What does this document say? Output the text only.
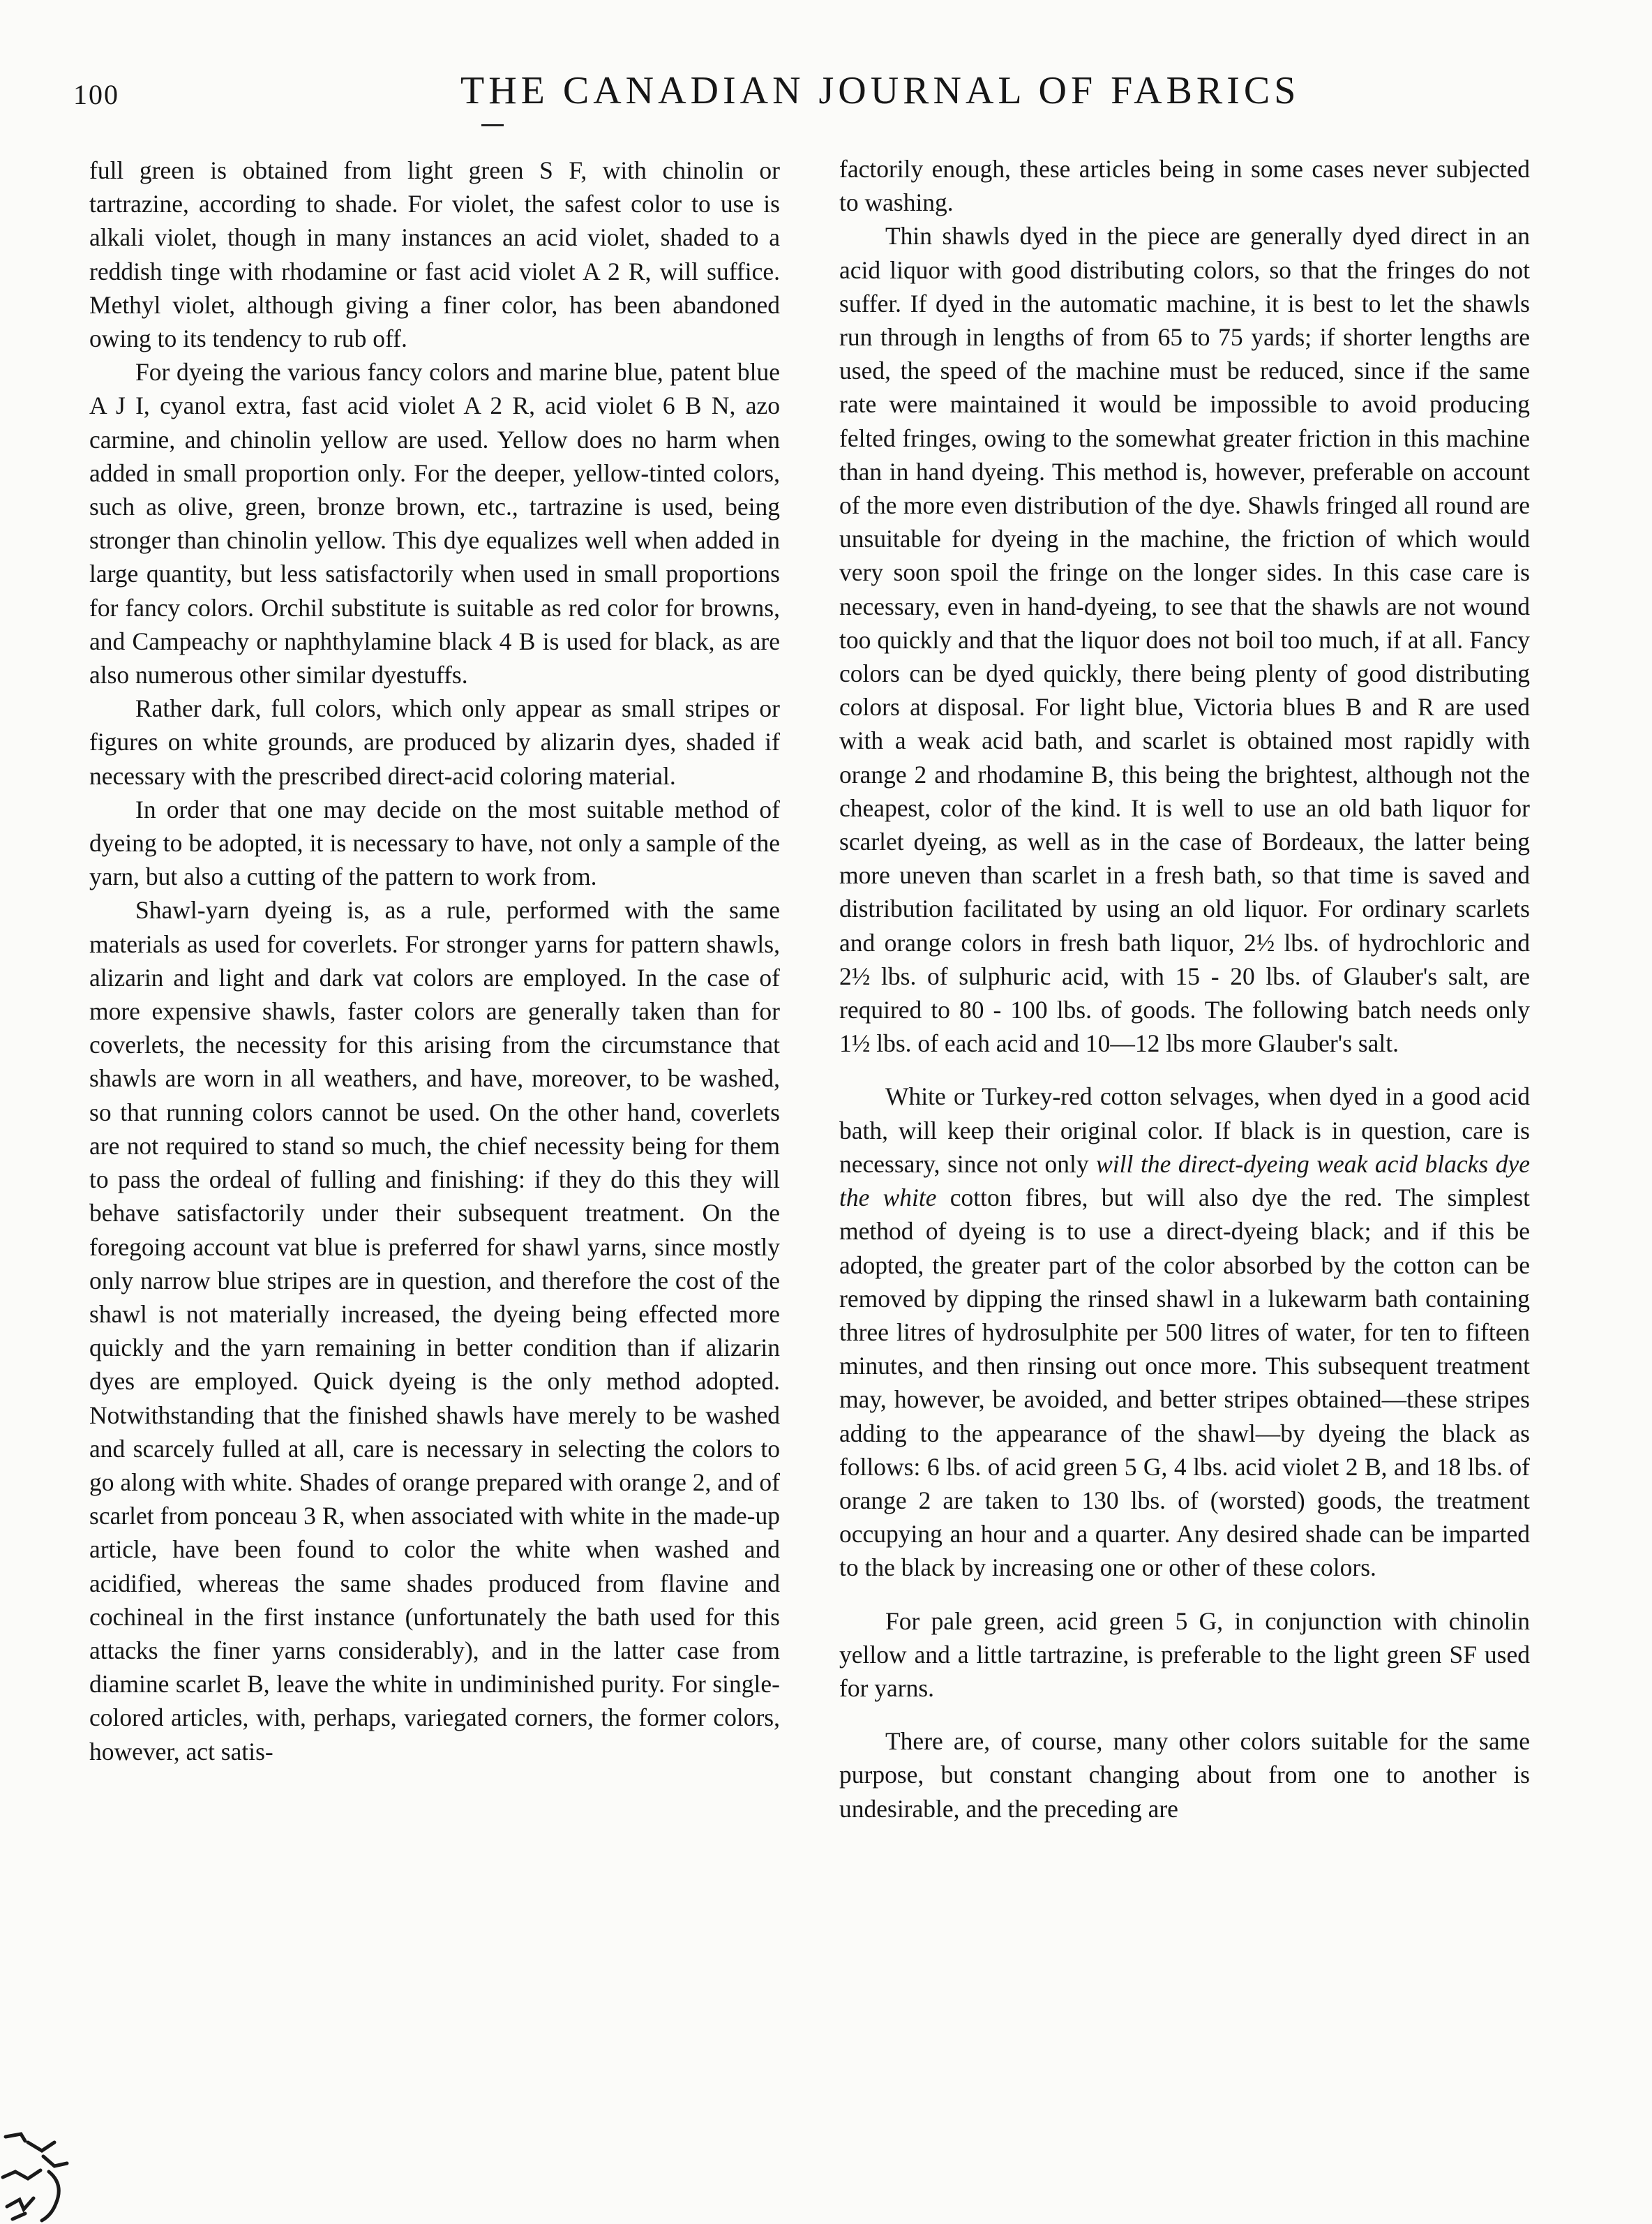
100	THE CANADIAN JOURNAL OF FABRICS

full green is obtained from light green S F, with chinolin or tartrazine, according to shade. For violet, the safest color to use is alkali violet, though in many instances an acid violet, shaded to a reddish tinge with rhodamine or fast acid violet A 2 R, will suffice. Methyl violet, although giving a finer color, has been abandoned owing to its tendency to rub off.

For dyeing the various fancy colors and marine blue, patent blue A J I, cyanol extra, fast acid violet A 2 R, acid violet 6 B N, azo carmine, and chinolin yellow are used. Yellow does no harm when added in small proportion only. For the deeper, yellow-tinted colors, such as olive, green, bronze brown, etc., tartrazine is used, being stronger than chinolin yellow. This dye equalizes well when added in large quantity, but less satisfactorily when used in small proportions for fancy colors. Orchil substitute is suitable as red color for browns, and Campeachy or naphthylamine black 4 B is used for black, as are also numerous other similar dyestuffs.

Rather dark, full colors, which only appear as small stripes or figures on white grounds, are produced by alizarin dyes, shaded if necessary with the prescribed direct-acid coloring material.

In order that one may decide on the most suitable method of dyeing to be adopted, it is necessary to have, not only a sample of the yarn, but also a cutting of the pattern to work from.

Shawl-yarn dyeing is, as a rule, performed with the same materials as used for coverlets. For stronger yarns for pattern shawls, alizarin and light and dark vat colors are employed. In the case of more expensive shawls, faster colors are generally taken than for coverlets, the necessity for this arising from the circumstance that shawls are worn in all weathers, and have, moreover, to be washed, so that running colors cannot be used. On the other hand, coverlets are not required to stand so much, the chief necessity being for them to pass the ordeal of fulling and finishing: if they do this they will behave satisfactorily under their subsequent treatment. On the foregoing account vat blue is preferred for shawl yarns, since mostly only narrow blue stripes are in question, and therefore the cost of the shawl is not materially increased, the dyeing being effected more quickly and the yarn remaining in better condition than if alizarin dyes are employed. Quick dyeing is the only method adopted. Notwithstanding that the finished shawls have merely to be washed and scarcely fulled at all, care is necessary in selecting the colors to go along with white. Shades of orange prepared with orange 2, and of scarlet from ponceau 3 R, when associated with white in the made-up article, have been found to color the white when washed and acidified, whereas the same shades produced from flavine and cochineal in the first instance (unfortunately the bath used for this attacks the finer yarns considerably), and in the latter case from diamine scarlet B, leave the white in undiminished purity. For single-colored articles, with, perhaps, variegated corners, the former colors, however, act satis-

factorily enough, these articles being in some cases never subjected to washing.

Thin shawls dyed in the piece are generally dyed direct in an acid liquor with good distributing colors, so that the fringes do not suffer. If dyed in the automatic machine, it is best to let the shawls run through in lengths of from 65 to 75 yards; if shorter lengths are used, the speed of the machine must be reduced, since if the same rate were maintained it would be impossible to avoid producing felted fringes, owing to the somewhat greater friction in this machine than in hand dyeing. This method is, however, preferable on account of the more even distribution of the dye. Shawls fringed all round are unsuitable for dyeing in the machine, the friction of which would very soon spoil the fringe on the longer sides. In this case care is necessary, even in hand-dyeing, to see that the shawls are not wound too quickly and that the liquor does not boil too much, if at all. Fancy colors can be dyed quickly, there being plenty of good distributing colors at disposal. For light blue, Victoria blues B and R are used with a weak acid bath, and scarlet is obtained most rapidly with orange 2 and rhodamine B, this being the brightest, although not the cheapest, color of the kind. It is well to use an old bath liquor for scarlet dyeing, as well as in the case of Bordeaux, the latter being more uneven than scarlet in a fresh bath, so that time is saved and distribution facilitated by using an old liquor. For ordinary scarlets and orange colors in fresh bath liquor, 2½ lbs. of hydrochloric and 2½ lbs. of sulphuric acid, with 15 - 20 lbs. of Glauber's salt, are required to 80 - 100 lbs. of goods. The following batch needs only 1½ lbs. of each acid and 10—12 lbs more Glauber's salt.

White or Turkey-red cotton selvages, when dyed in a good acid bath, will keep their original color. If black is in question, care is necessary, since not only will the direct-dyeing weak acid blacks dye the white cotton fibres, but will also dye the red. The simplest method of dyeing is to use a direct-dyeing black; and if this be adopted, the greater part of the color absorbed by the cotton can be removed by dipping the rinsed shawl in a lukewarm bath containing three litres of hydrosulphite per 500 litres of water, for ten to fifteen minutes, and then rinsing out once more. This subsequent treatment may, however, be avoided, and better stripes obtained—these stripes adding to the appearance of the shawl—by dyeing the black as follows: 6 lbs. of acid green 5 G, 4 lbs. acid violet 2 B, and 18 lbs. of orange 2 are taken to 130 lbs. of (worsted) goods, the treatment occupying an hour and a quarter. Any desired shade can be imparted to the black by increasing one or other of these colors.

For pale green, acid green 5 G, in conjunction with chinolin yellow and a little tartrazine, is preferable to the light green SF used for yarns.

There are, of course, many other colors suitable for the same purpose, but constant changing about from one to another is undesirable, and the preceding are
